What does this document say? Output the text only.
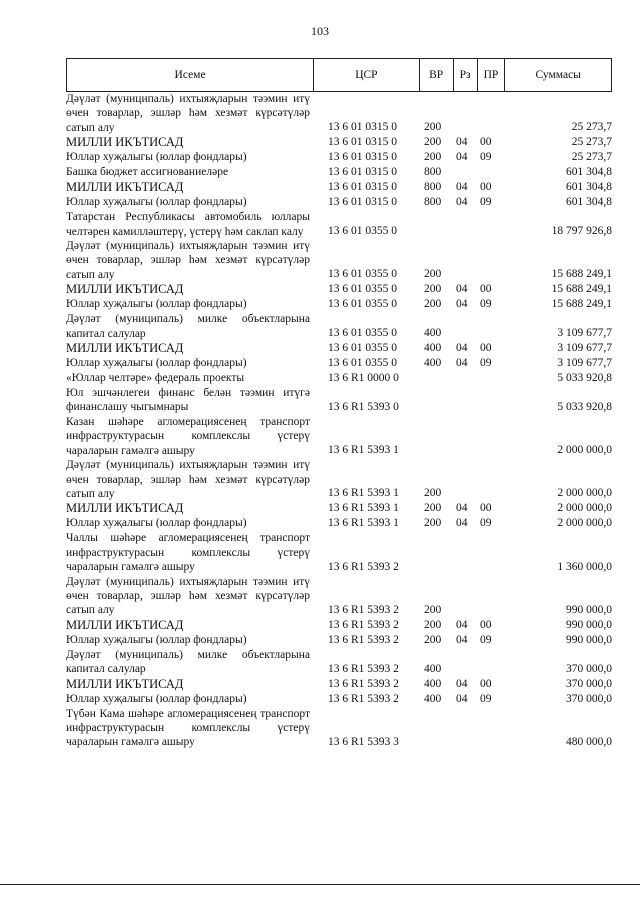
103
Исеме	ЦСР	ВР	Рз	ПР	Суммасы
Дәүләт (муниципаль) ихтыяҗларын тәэмин итү өчен товарлар, эшләр һәм хезмәт күрсәтүләр сатып алу	13 6 01 0315 0	200	25 273,7
МИЛЛИ ИКЪТИСАД	13 6 01 0315 0	200	04	00	25 273,7
Юллар хуҗалыгы (юллар фондлары)	13 6 01 0315 0	200	04	09	25 273,7
Башка бюджет ассигнованиеләре	13 6 01 0315 0	800	601 304,8
МИЛЛИ ИКЪТИСАД	13 6 01 0315 0	800	04	00	601 304,8
Юллар хуҗалыгы (юллар фондлары)	13 6 01 0315 0	800	04	09	601 304,8
Татарстан Республикасы автомобиль юллары челтәрен камилләштерү, үстерү һәм саклап калу	13 6 01 0355 0	18 797 926,8
Дәүләт (муниципаль) ихтыяҗларын тәэмин итү өчен товарлар, эшләр һәм хезмәт күрсәтүләр сатып алу	13 6 01 0355 0	200	15 688 249,1
МИЛЛИ ИКЪТИСАД	13 6 01 0355 0	200	04	00	15 688 249,1
Юллар хуҗалыгы (юллар фондлары)	13 6 01 0355 0	200	04	09	15 688 249,1
Дәүләт (муниципаль) милке объектларына капитал салулар	13 6 01 0355 0	400	3 109 677,7
МИЛЛИ ИКЪТИСАД	13 6 01 0355 0	400	04	00	3 109 677,7
Юллар хуҗалыгы (юллар фондлары)	13 6 01 0355 0	400	04	09	3 109 677,7
«Юллар челтәре» федераль проекты	13 6 R1 0000 0	5 033 920,8
Юл эшчәнлегеи финанс белән тәэмин итүгә финанслашу чыгымнары	13 6 R1 5393 0	5 033 920,8
Казан шәһәре агломерациясенең транспорт инфраструктурасын комплекслы үстерү чараларын гамәлгә ашыру	13 6 R1 5393 1	2 000 000,0
Дәүләт (муниципаль) ихтыяҗларын тәэмин итү өчен товарлар, эшләр һәм хезмәт күрсәтүләр сатып алу	13 6 R1 5393 1	200	2 000 000,0
МИЛЛИ ИКЪТИСАД	13 6 R1 5393 1	200	04	00	2 000 000,0
Юллар хуҗалыгы (юллар фондлары)	13 6 R1 5393 1	200	04	09	2 000 000,0
Чаллы шәһәре агломерациясенең транспорт инфраструктурасын комплекслы үстерү чараларын гамәлгә ашыру	13 6 R1 5393 2	1 360 000,0
Дәүләт (муниципаль) ихтыяҗларын тәэмин итү өчен товарлар, эшләр һәм хезмәт күрсәтүләр сатып алу	13 6 R1 5393 2	200	990 000,0
МИЛЛИ ИКЪТИСАД	13 6 R1 5393 2	200	04	00	990 000,0
Юллар хуҗалыгы (юллар фондлары)	13 6 R1 5393 2	200	04	09	990 000,0
Дәүләт (муниципаль) милке объектларына капитал салулар	13 6 R1 5393 2	400	370 000,0
МИЛЛИ ИКЪТИСАД	13 6 R1 5393 2	400	04	00	370 000,0
Юллар хуҗалыгы (юллар фондлары)	13 6 R1 5393 2	400	04	09	370 000,0
Түбән Кама шәһәре агломерациясенең транспорт инфраструктурасын комплекслы үстерү чараларын гамәлгә ашыру	13 6 R1 5393 3	480 000,0
